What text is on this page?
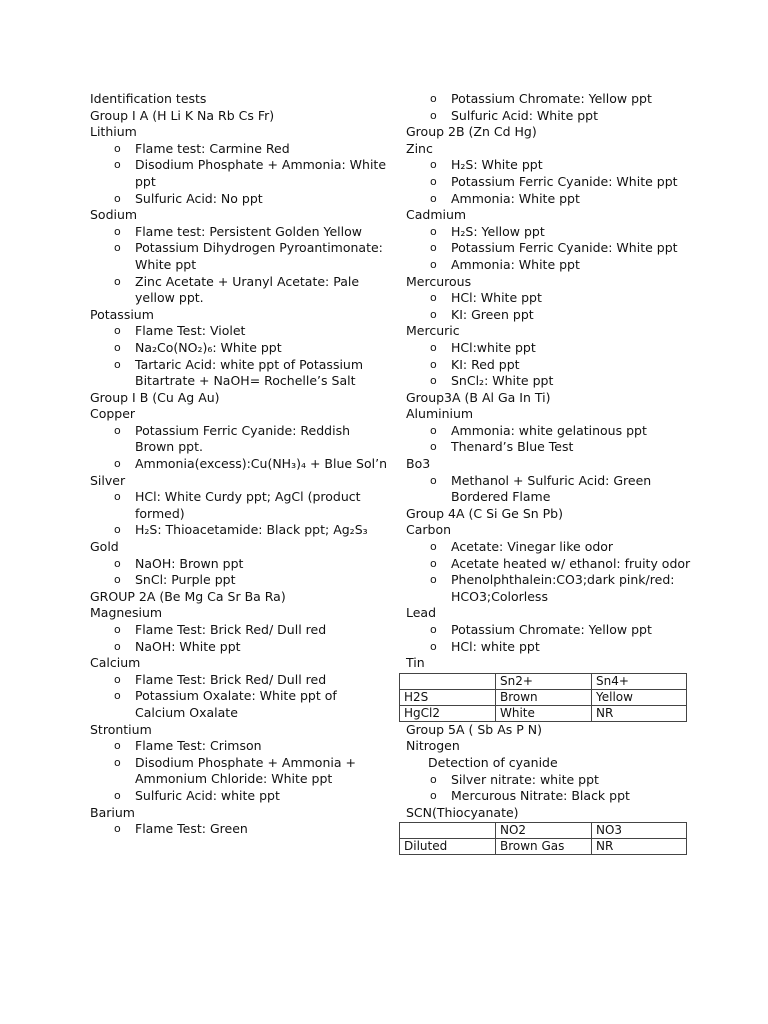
Identification tests
Group I A (H Li K Na Rb Cs Fr)
Lithium
o Flame test: Carmine Red
o Disodium Phosphate + Ammonia: White ppt
o Sulfuric Acid: No ppt
Sodium
o Flame test: Persistent Golden Yellow
o Potassium Dihydrogen Pyroantimonate: White ppt
o Zinc Acetate + Uranyl Acetate: Pale yellow ppt.
Potassium
o Flame Test: Violet
o Na₂Co(NO₂)₆: White ppt
o Tartaric Acid: white ppt of Potassium Bitartrate + NaOH= Rochelle’s Salt
Group I B (Cu Ag Au)
Copper
o Potassium Ferric Cyanide: Reddish Brown ppt.
o Ammonia(excess):Cu(NH₃)₄ + Blue Sol’n
Silver
o HCl: White Curdy ppt; AgCl (product formed)
o H₂S: Thioacetamide: Black ppt; Ag₂S₃
Gold
o NaOH: Brown ppt
o SnCl: Purple ppt
GROUP 2A (Be Mg Ca Sr Ba Ra)
Magnesium
o Flame Test: Brick Red/ Dull red
o NaOH: White ppt
Calcium
o Flame Test: Brick Red/ Dull red
o Potassium Oxalate: White ppt of Calcium Oxalate
Strontium
o Flame Test: Crimson
o Disodium Phosphate + Ammonia + Ammonium Chloride: White ppt
o Sulfuric Acid: white ppt
Barium
o Flame Test: Green
o Potassium Chromate: Yellow ppt
o Sulfuric Acid: White ppt
Group 2B (Zn Cd Hg)
Zinc
o H₂S: White ppt
o Potassium Ferric Cyanide: White ppt
o Ammonia: White ppt
Cadmium
o H₂S: Yellow ppt
o Potassium Ferric Cyanide: White ppt
o Ammonia: White ppt
Mercurous
o HCl: White ppt
o KI: Green ppt
Mercuric
o HCl:white ppt
o KI: Red ppt
o SnCl₂: White ppt
Group3A (B Al Ga In Ti)
Aluminium
o Ammonia: white gelatinous ppt
o Thenard’s Blue Test
Bo3
o Methanol + Sulfuric Acid: Green Bordered Flame
Group 4A (C Si Ge Sn Pb)
Carbon
o Acetate: Vinegar like odor
o Acetate heated w/ ethanol: fruity odor
o Phenolphthalein:CO3;dark pink/red: HCO3;Colorless
Lead
o Potassium Chromate: Yellow ppt
o HCl: white ppt
Tin
	Sn2+	Sn4+
H2S	Brown	Yellow
HgCl2	White	NR
Group 5A ( Sb As P N)
Nitrogen
Detection of cyanide
o Silver nitrate: white ppt
o Mercurous Nitrate: Black ppt
SCN(Thiocyanate)
	NO2	NO3
Diluted	Brown Gas	NR
